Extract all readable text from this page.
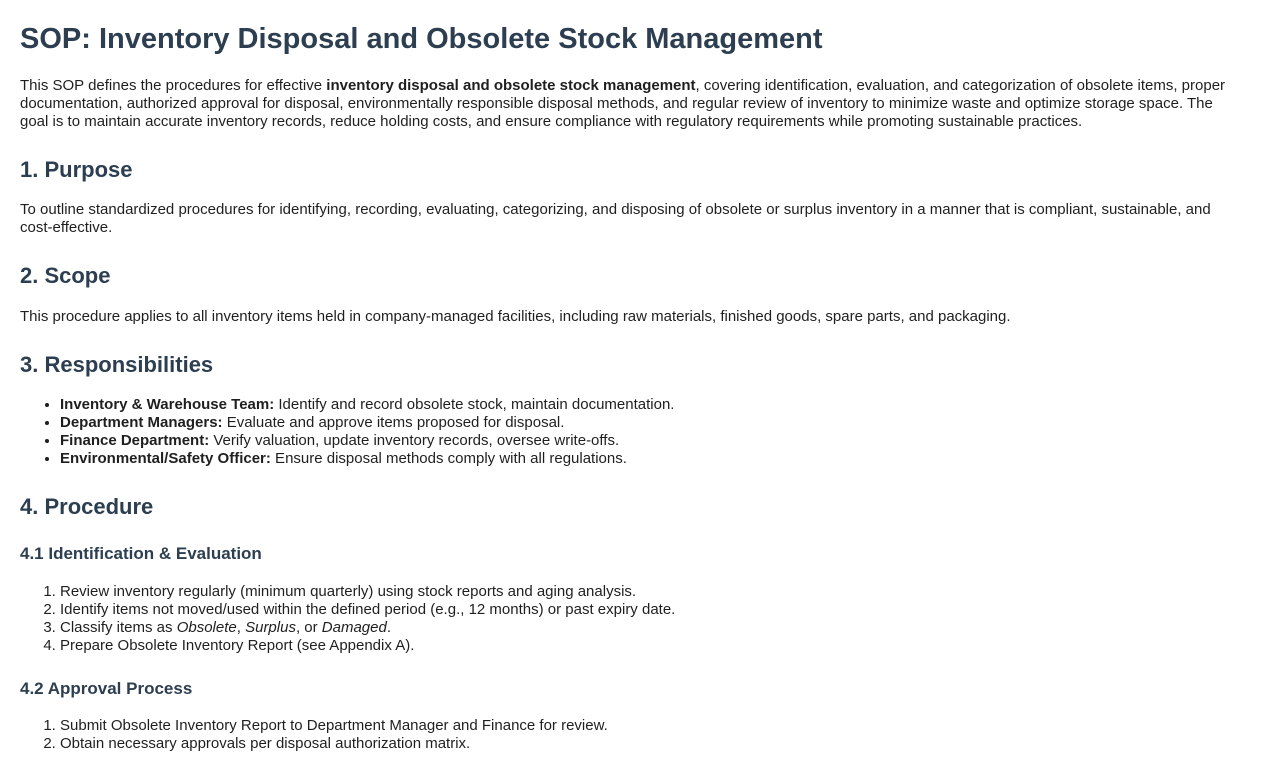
SOP: Inventory Disposal and Obsolete Stock Management

This SOP defines the procedures for effective inventory disposal and obsolete stock management, covering identification, evaluation, and categorization of obsolete items, proper documentation, authorized approval for disposal, environmentally responsible disposal methods, and regular review of inventory to minimize waste and optimize storage space. The goal is to maintain accurate inventory records, reduce holding costs, and ensure compliance with regulatory requirements while promoting sustainable practices.

1. Purpose

To outline standardized procedures for identifying, recording, evaluating, categorizing, and disposing of obsolete or surplus inventory in a manner that is compliant, sustainable, and cost-effective.

2. Scope

This procedure applies to all inventory items held in company-managed facilities, including raw materials, finished goods, spare parts, and packaging.

3. Responsibilities
• Inventory & Warehouse Team: Identify and record obsolete stock, maintain documentation.
• Department Managers: Evaluate and approve items proposed for disposal.
• Finance Department: Verify valuation, update inventory records, oversee write-offs.
• Environmental/Safety Officer: Ensure disposal methods comply with all regulations.
4. Procedure
4.1 Identification & Evaluation
1. Review inventory regularly (minimum quarterly) using stock reports and aging analysis.
2. Identify items not moved/used within the defined period (e.g., 12 months) or past expiry date.
3. Classify items as Obsolete, Surplus, or Damaged.
4. Prepare Obsolete Inventory Report (see Appendix A).
4.2 Approval Process
1. Submit Obsolete Inventory Report to Department Manager and Finance for review.
2. Obtain necessary approvals per disposal authorization matrix.
